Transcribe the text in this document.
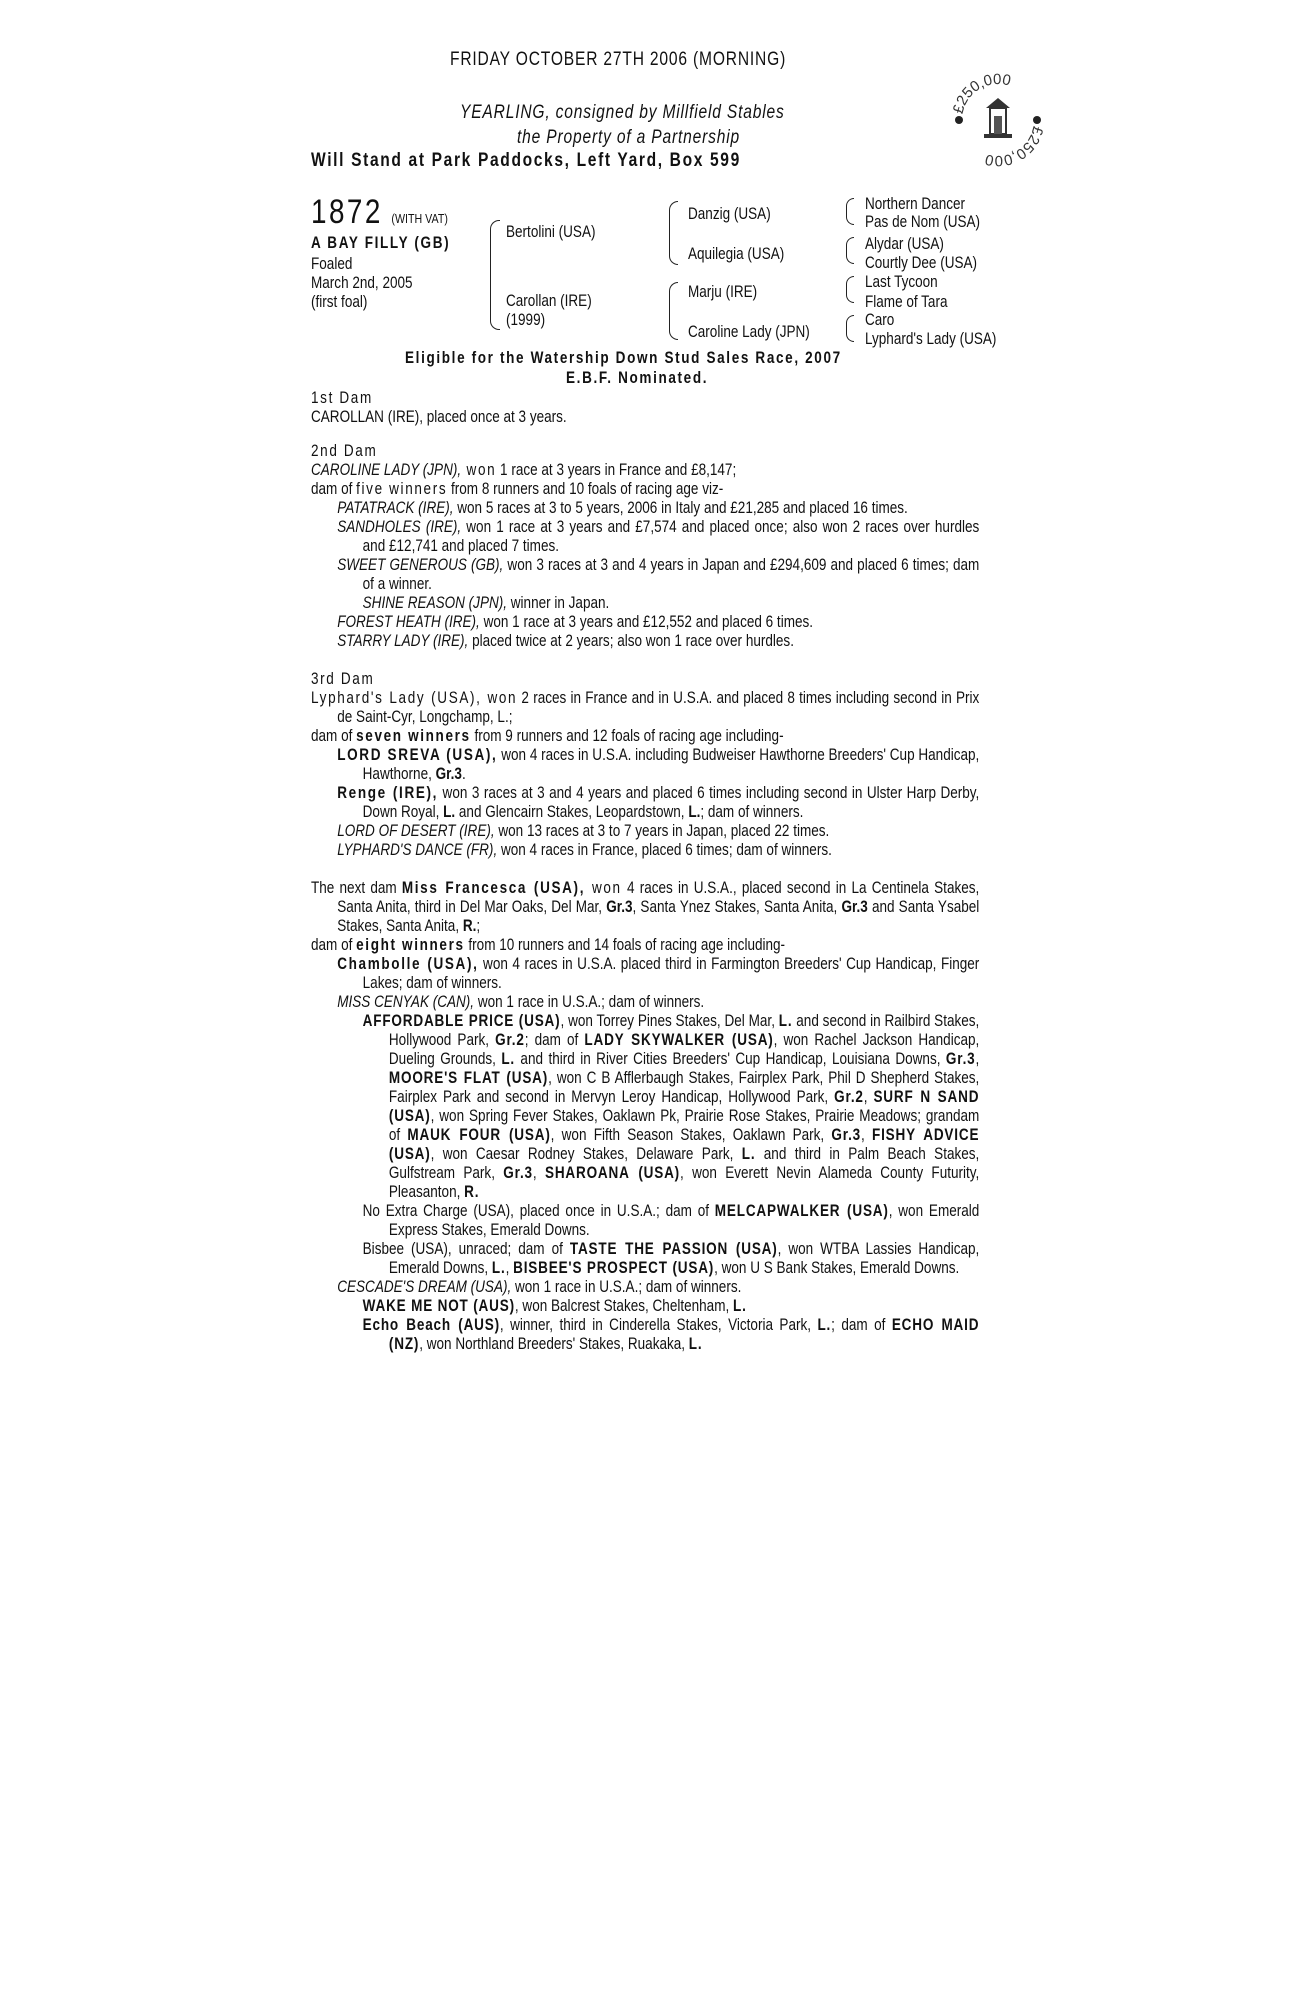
FRIDAY OCTOBER 27TH 2006 (MORNING)
YEARLING, consigned by Millfield Stables
the Property of a Partnership
Will Stand at Park Paddocks, Left Yard, Box 599
£250,000
£250,000
1872 (WITH VAT)
A BAY FILLY (GB)
Foaled
March 2nd, 2005
(first foal)
Bertolini (USA)
Carollan (IRE)
(1999)
Danzig (USA)
Aquilegia (USA)
Marju (IRE)
Caroline Lady (JPN)
Northern Dancer
Pas de Nom (USA)
Alydar (USA)
Courtly Dee (USA)
Last Tycoon
Flame of Tara
Caro
Lyphard's Lady (USA)
Eligible for the Watership Down Stud Sales Race, 2007
E.B.F. Nominated.
1st Dam
CAROLLAN (IRE), placed once at 3 years.
2nd Dam
CAROLINE LADY (JPN), won 1 race at 3 years in France and £8,147;
dam of five winners from 8 runners and 10 foals of racing age viz-
PATATRACK (IRE), won 5 races at 3 to 5 years, 2006 in Italy and £21,285 and placed 16 times.
SANDHOLES (IRE), won 1 race at 3 years and £7,574 and placed once; also won 2 races over hurdles and £12,741 and placed 7 times.
SWEET GENEROUS (GB), won 3 races at 3 and 4 years in Japan and £294,609 and placed 6 times; dam of a winner.
SHINE REASON (JPN), winner in Japan.
FOREST HEATH (IRE), won 1 race at 3 years and £12,552 and placed 6 times.
STARRY LADY (IRE), placed twice at 2 years; also won 1 race over hurdles.
3rd Dam
Lyphard's Lady (USA), won 2 races in France and in U.S.A. and placed 8 times including second in Prix de Saint-Cyr, Longchamp, L.;
dam of seven winners from 9 runners and 12 foals of racing age including-
LORD SREVA (USA), won 4 races in U.S.A. including Budweiser Hawthorne Breeders' Cup Handicap, Hawthorne, Gr.3.
Renge (IRE), won 3 races at 3 and 4 years and placed 6 times including second in Ulster Harp Derby, Down Royal, L. and Glencairn Stakes, Leopardstown, L.; dam of winners.
LORD OF DESERT (IRE), won 13 races at 3 to 7 years in Japan, placed 22 times.
LYPHARD'S DANCE (FR), won 4 races in France, placed 6 times; dam of winners.
The next dam Miss Francesca (USA), won 4 races in U.S.A., placed second in La Centinela Stakes, Santa Anita, third in Del Mar Oaks, Del Mar, Gr.3, Santa Ynez Stakes, Santa Anita, Gr.3 and Santa Ysabel Stakes, Santa Anita, R.;
dam of eight winners from 10 runners and 14 foals of racing age including-
Chambolle (USA), won 4 races in U.S.A. placed third in Farmington Breeders' Cup Handicap, Finger Lakes; dam of winners.
MISS CENYAK (CAN), won 1 race in U.S.A.; dam of winners.
AFFORDABLE PRICE (USA), won Torrey Pines Stakes, Del Mar, L. and second in Railbird Stakes, Hollywood Park, Gr.2; dam of LADY SKYWALKER (USA), won Rachel Jackson Handicap, Dueling Grounds, L. and third in River Cities Breeders' Cup Handicap, Louisiana Downs, Gr.3, MOORE'S FLAT (USA), won C B Afflerbaugh Stakes, Fairplex Park, Phil D Shepherd Stakes, Fairplex Park and second in Mervyn Leroy Handicap, Hollywood Park, Gr.2, SURF N SAND (USA), won Spring Fever Stakes, Oaklawn Pk, Prairie Rose Stakes, Prairie Meadows; grandam of MAUK FOUR (USA), won Fifth Season Stakes, Oaklawn Park, Gr.3, FISHY ADVICE (USA), won Caesar Rodney Stakes, Delaware Park, L. and third in Palm Beach Stakes, Gulfstream Park, Gr.3, SHAROANA (USA), won Everett Nevin Alameda County Futurity, Pleasanton, R.
No Extra Charge (USA), placed once in U.S.A.; dam of MELCAPWALKER (USA), won Emerald Express Stakes, Emerald Downs.
Bisbee (USA), unraced; dam of TASTE THE PASSION (USA), won WTBA Lassies Handicap, Emerald Downs, L., BISBEE'S PROSPECT (USA), won U S Bank Stakes, Emerald Downs.
CESCADE'S DREAM (USA), won 1 race in U.S.A.; dam of winners.
WAKE ME NOT (AUS), won Balcrest Stakes, Cheltenham, L.
Echo Beach (AUS), winner, third in Cinderella Stakes, Victoria Park, L.; dam of ECHO MAID (NZ), won Northland Breeders' Stakes, Ruakaka, L.
